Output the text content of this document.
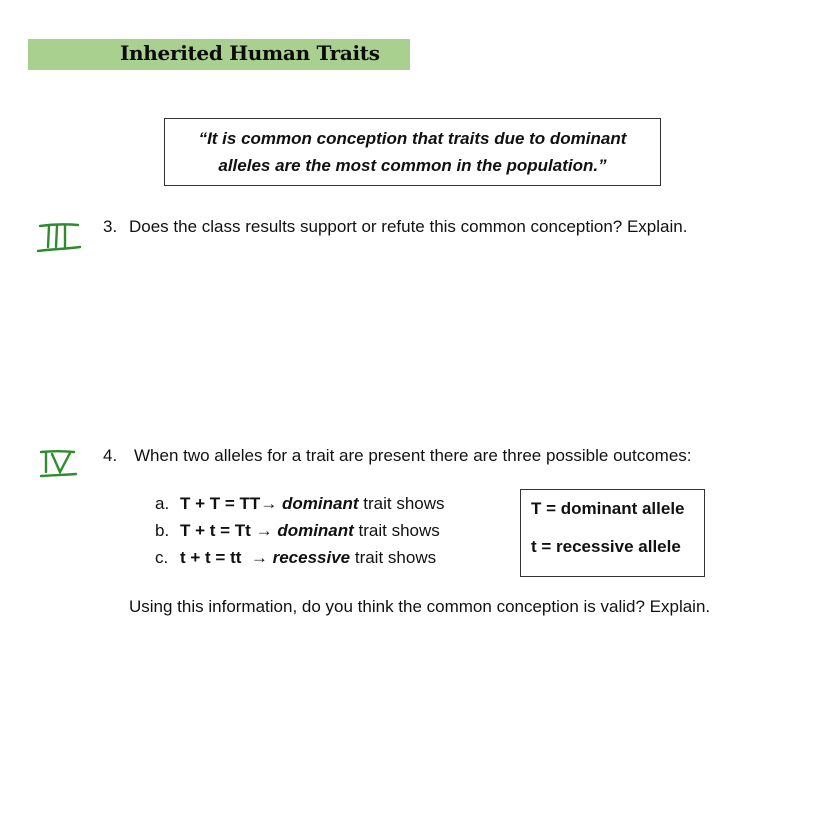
Inherited Human Traits
“It is common conception that traits due to dominant
alleles are the most common in the population.”
3. Does the class results support or refute this common conception? Explain.
4. When two alleles for a trait are present there are three possible outcomes:
a. T + T = TT→ dominant trait shows
b. T + t = Tt → dominant trait shows
c. t + t = tt  → recessive trait shows
T = dominant allele
t = recessive allele
Using this information, do you think the common conception is valid? Explain.
